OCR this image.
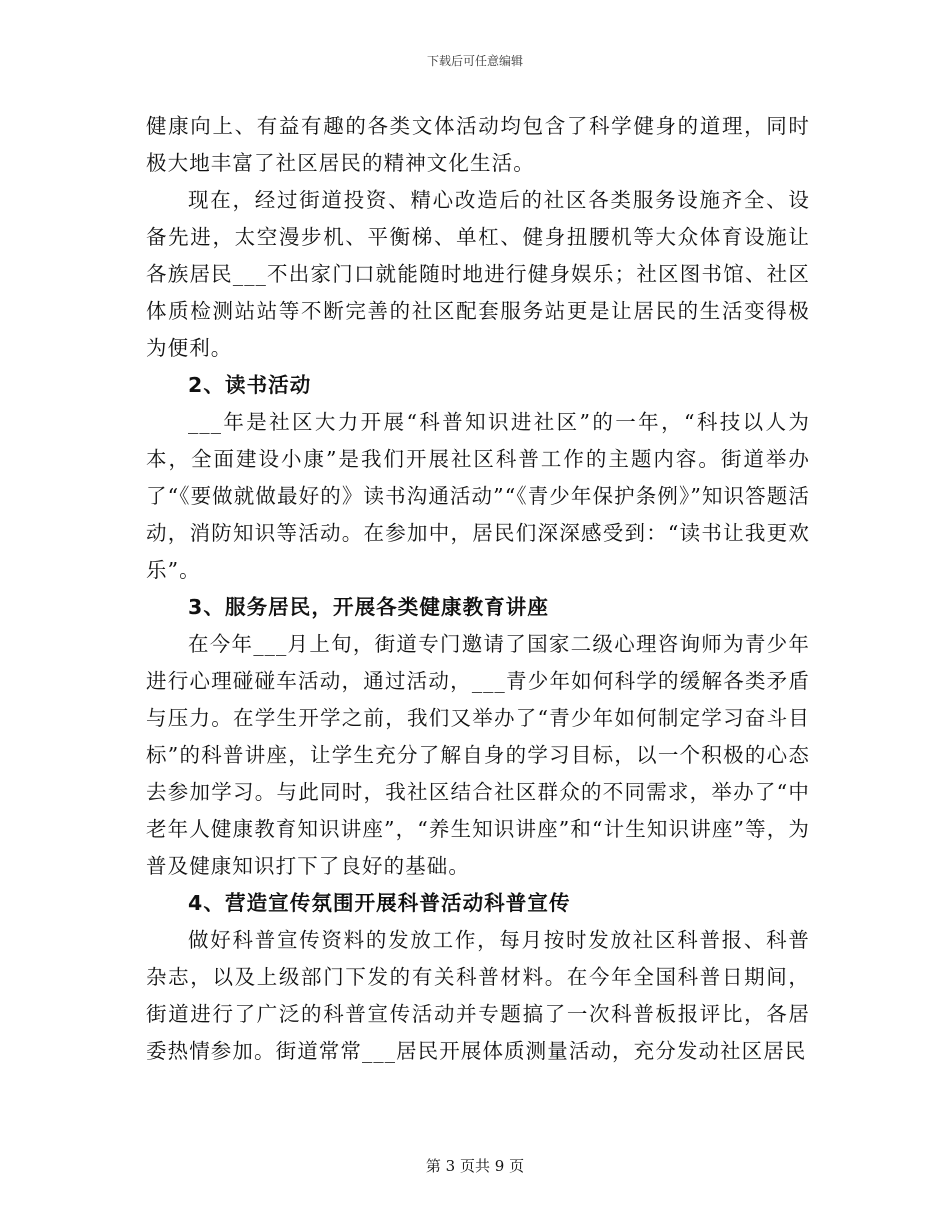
下载后可任意编辑

健康向上、有益有趣的各类文体活动均包含了科学健身的道理，同时极大地丰富了社区居民的精神文化生活。

现在，经过街道投资、精心改造后的社区各类服务设施齐全、设备先进，太空漫步机、平衡梯、单杠、健身扭腰机等大众体育设施让各族居民___不出家门口就能随时地进行健身娱乐；社区图书馆、社区体质检测站站等不断完善的社区配套服务站更是让居民的生活变得极为便利。

2、读书活动

___年是社区大力开展“科普知识进社区”的一年，“科技以人为本，全面建设小康”是我们开展社区科普工作的主题内容。街道举办了“《要做就做最好的》读书沟通活动”“《青少年保护条例》”知识答题活动，消防知识等活动。在参加中，居民们深深感受到：“读书让我更欢乐”。

3、服务居民，开展各类健康教育讲座

在今年___月上旬，街道专门邀请了国家二级心理咨询师为青少年进行心理碰碰车活动，通过活动，___青少年如何科学的缓解各类矛盾与压力。在学生开学之前，我们又举办了“青少年如何制定学习奋斗目标”的科普讲座，让学生充分了解自身的学习目标，以一个积极的心态去参加学习。与此同时，我社区结合社区群众的不同需求，举办了“中老年人健康教育知识讲座”，“养生知识讲座”和“计生知识讲座”等，为普及健康知识打下了良好的基础。

4、营造宣传氛围开展科普活动科普宣传

做好科普宣传资料的发放工作，每月按时发放社区科普报、科普杂志，以及上级部门下发的有关科普材料。在今年全国科普日期间，街道进行了广泛的科普宣传活动并专题搞了一次科普板报评比，各居委热情参加。街道常常___居民开展体质测量活动，充分发动社区居民

第 3 页共 9 页
